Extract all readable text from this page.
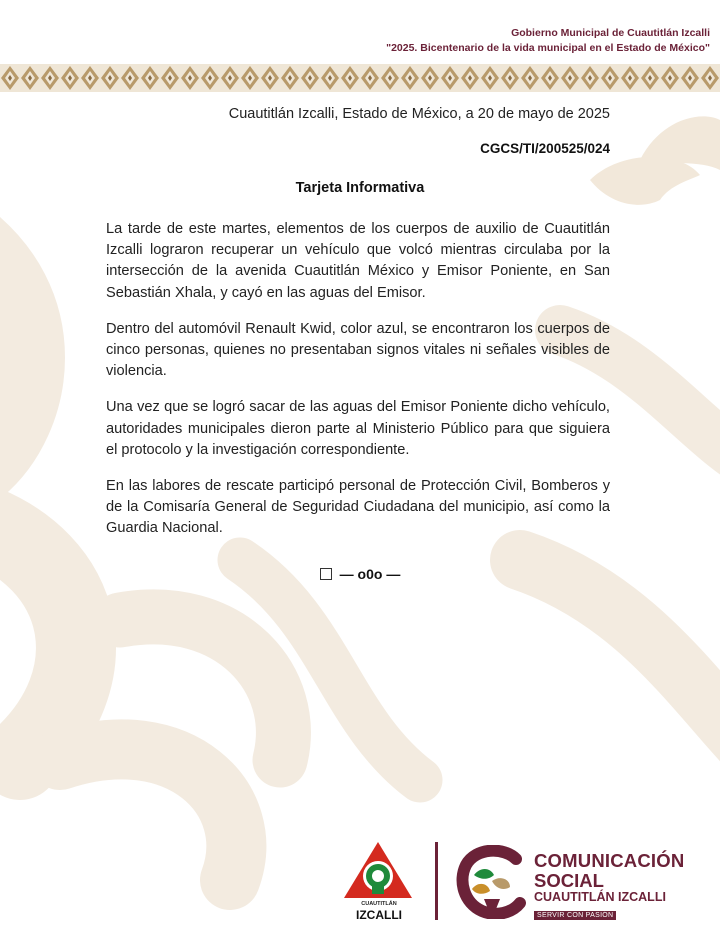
Gobierno Municipal de Cuautitlán Izcalli
"2025. Bicentenario de la vida municipal en el Estado de México"
Cuautitlán Izcalli, Estado de México, a 20 de mayo de 2025
CGCS/TI/200525/024
Tarjeta Informativa

La tarde de este martes, elementos de los cuerpos de auxilio de Cuautitlán Izcalli lograron recuperar un vehículo que volcó mientras circulaba por la intersección de la avenida Cuautitlán México y Emisor Poniente, en San Sebastián Xhala, y cayó en las aguas del Emisor.

Dentro del automóvil Renault Kwid, color azul, se encontraron los cuerpos de cinco personas, quienes no presentaban signos vitales ni señales visibles de violencia.

Una vez que se logró sacar de las aguas del Emisor Poniente dicho vehículo, autoridades municipales dieron parte al Ministerio Público para que siguiera el protocolo y la investigación correspondiente.

En las labores de rescate participó personal de Protección Civil, Bomberos y de la Comisaría General de Seguridad Ciudadana del municipio, así como la Guardia Nacional.

— o0o —
CUAUTITLÁN
IZCALLI
COMUNICACIÓN
SOCIAL
CUAUTITLÁN IZCALLI
SERVIR CON PASIÓN
